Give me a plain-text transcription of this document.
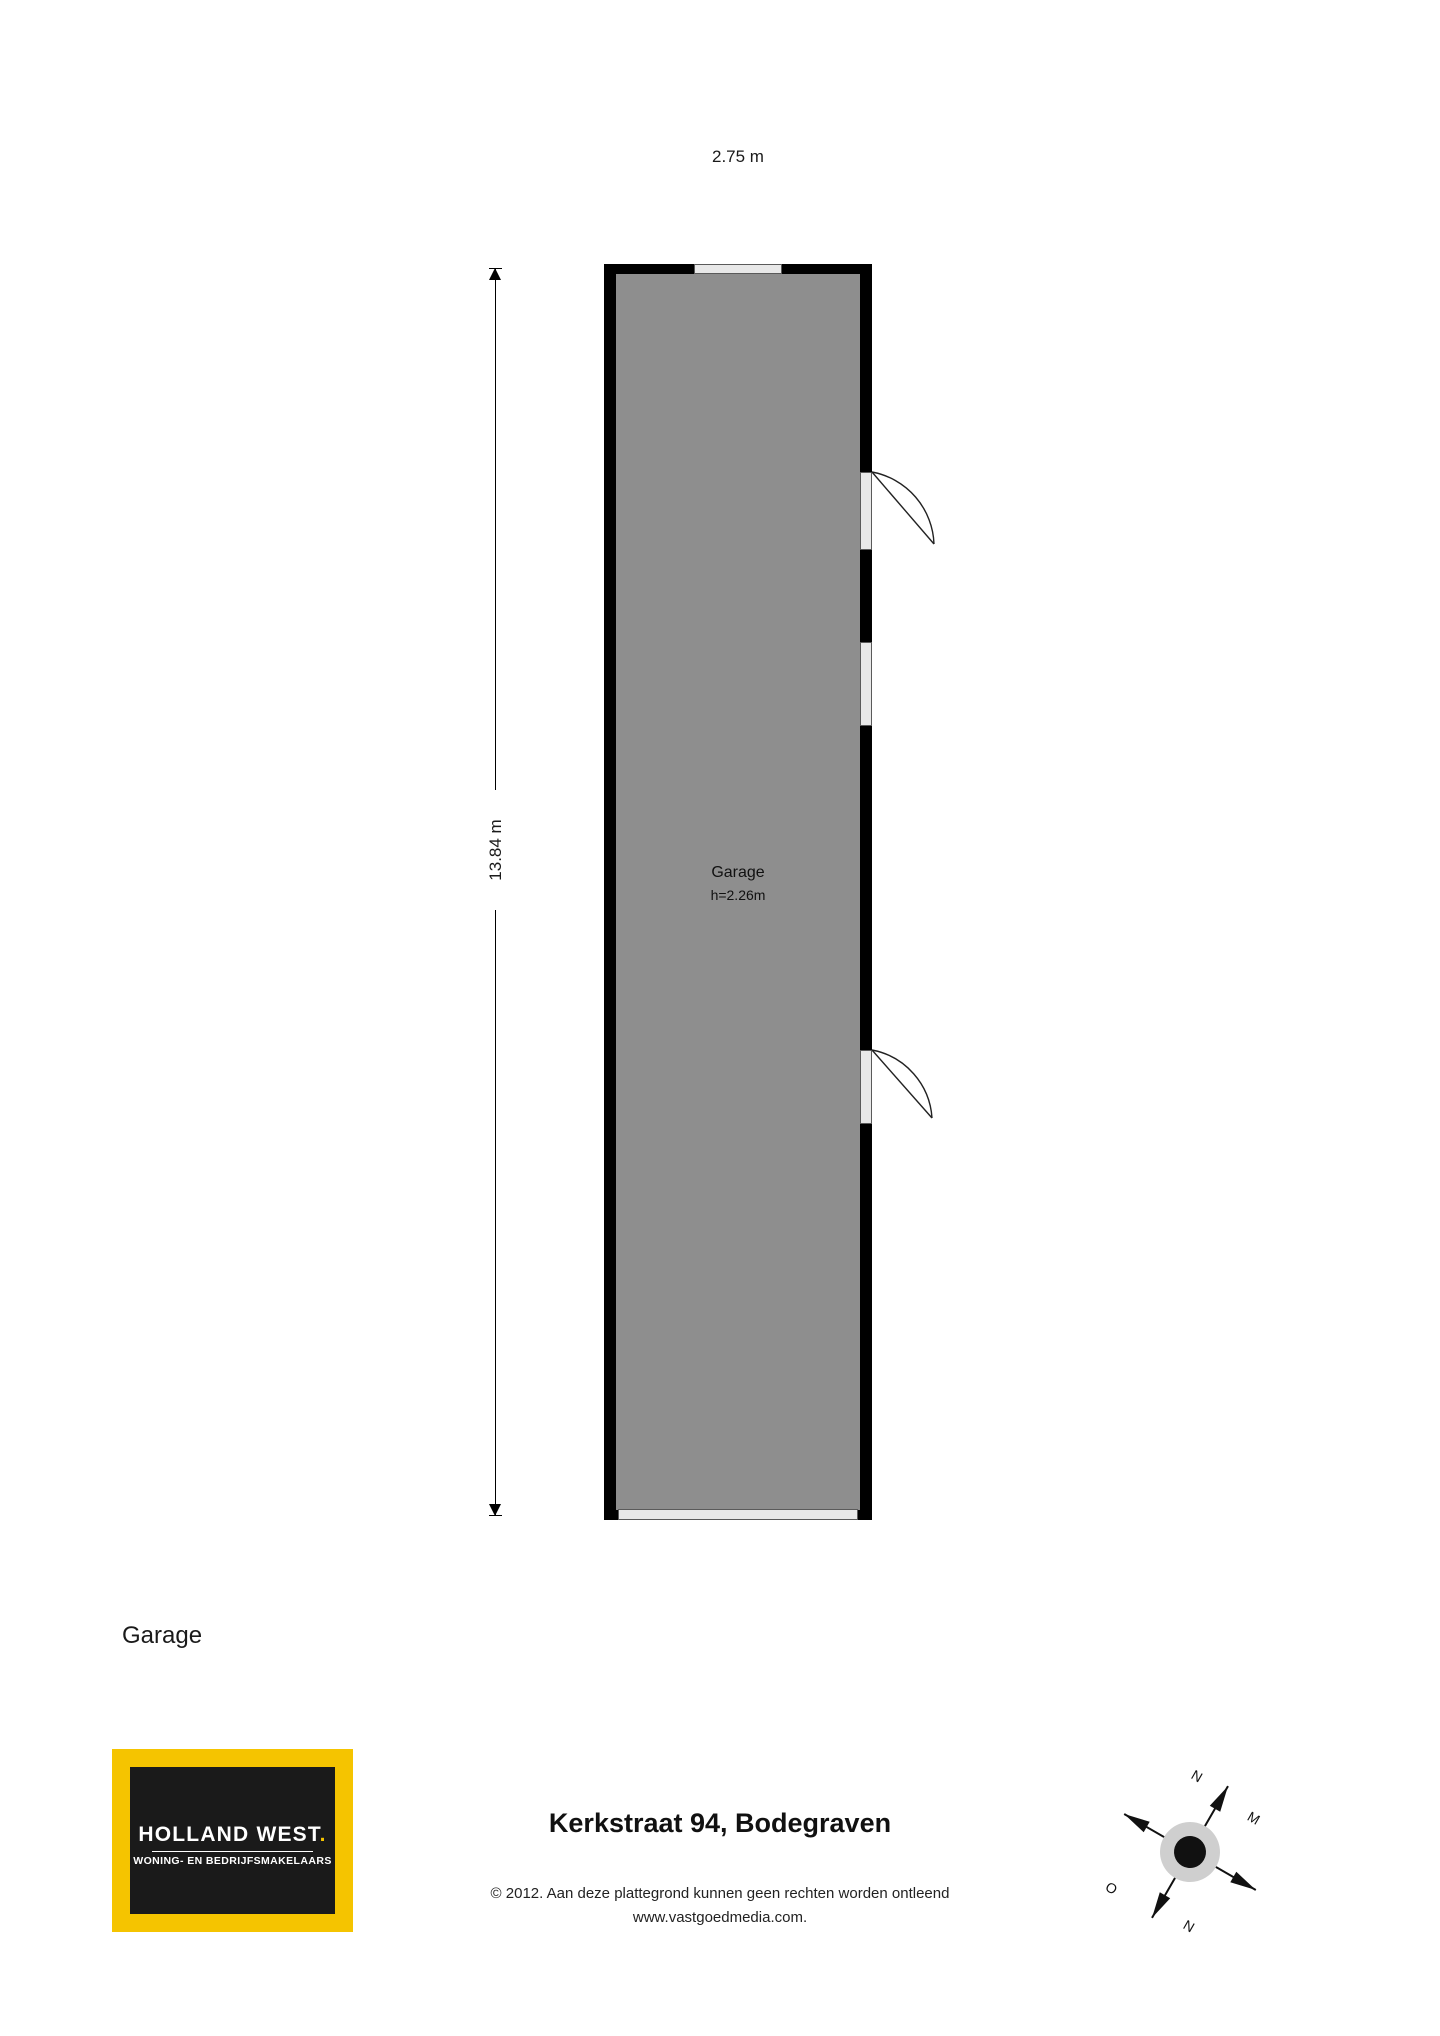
2.75 m
13.84 m	Garage
h=2.26m
Garage
HOLLAND WEST.
WONING- EN BEDRIJFSMAKELAARS
Kerkstraat 94, Bodegraven
© 2012. Aan deze plattegrond kunnen geen rechten worden ontleend
www.vastgoedmedia.com.
N
M
O
N
